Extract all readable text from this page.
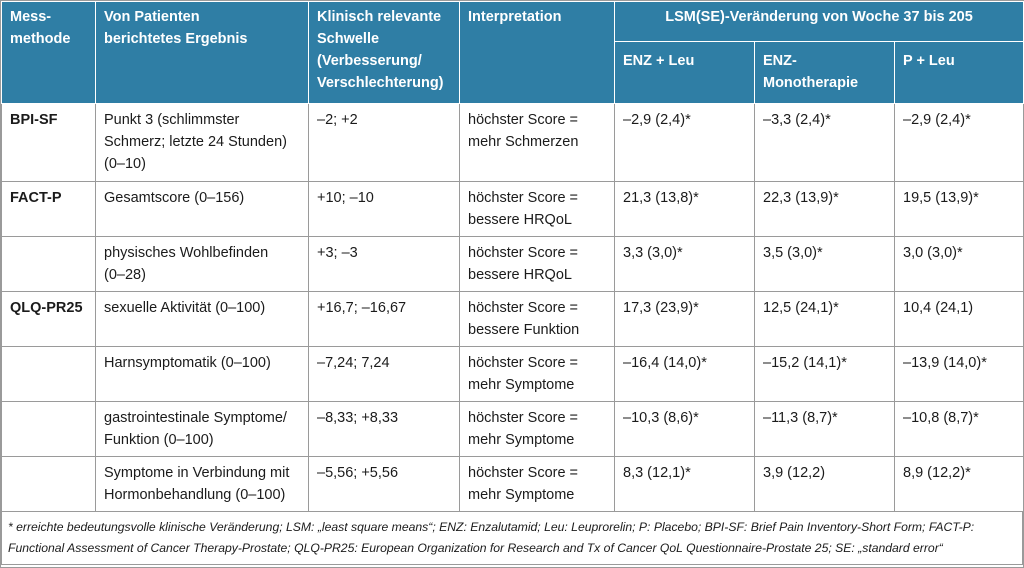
Mess-
methode	Von Patienten
berichtetes Ergebnis	Klinisch relevante
Schwelle
(Verbesserung/
Verschlechterung)	Interpretation	LSM(SE)-Veränderung von Woche 37 bis 205		

				ENZ + Leu	ENZ-
Monotherapie	P + Leu

BPI-SF	Punkt 3 (schlimmster
Schmerz; letzte 24 Stunden)
(0–10)	–2; +2	höchster Score =
mehr Schmerzen	–2,9 (2,4)*	–3,3 (2,4)*	–2,9 (2,4)*

FACT-P	Gesamtscore (0–156)	+10; –10	höchster Score =
bessere HRQoL	21,3 (13,8)*	22,3 (13,9)*	19,5 (13,9)*

	physisches Wohlbefinden
(0–28)	+3; –3	höchster Score =
bessere HRQoL	3,3 (3,0)*	3,5 (3,0)*	3,0 (3,0)*

QLQ-PR25	sexuelle Aktivität (0–100)	+16,7; –16,67	höchster Score =
bessere Funktion	17,3 (23,9)*	12,5 (24,1)*	10,4 (24,1)

	Harnsymptomatik (0–100)	–7,24; 7,24	höchster Score =
mehr Symptome	–16,4 (14,0)*	–15,2 (14,1)*	–13,9 (14,0)*

	gastrointestinale Symptome/
Funktion (0–100)	–8,33; +8,33	höchster Score =
mehr Symptome	–10,3 (8,6)*	–11,3 (8,7)*	–10,8 (8,7)*

	Symptome in Verbindung mit
Hormonbehandlung (0–100)	–5,56; +5,56	höchster Score =
mehr Symptome	8,3 (12,1)*	3,9 (12,2)	8,9 (12,2)*
* erreichte bedeutungsvolle klinische Veränderung; LSM: „least square means“; ENZ: Enzalutamid; Leu: Leuprorelin; P: Placebo; BPI-SF: Brief Pain Inventory-Short Form; FACT-P: Functional Assessment of Cancer Therapy-Prostate; QLQ-PR25: European Organization for Research and Tx of Cancer QoL Questionnaire-Prostate 25; SE: „standard error“
